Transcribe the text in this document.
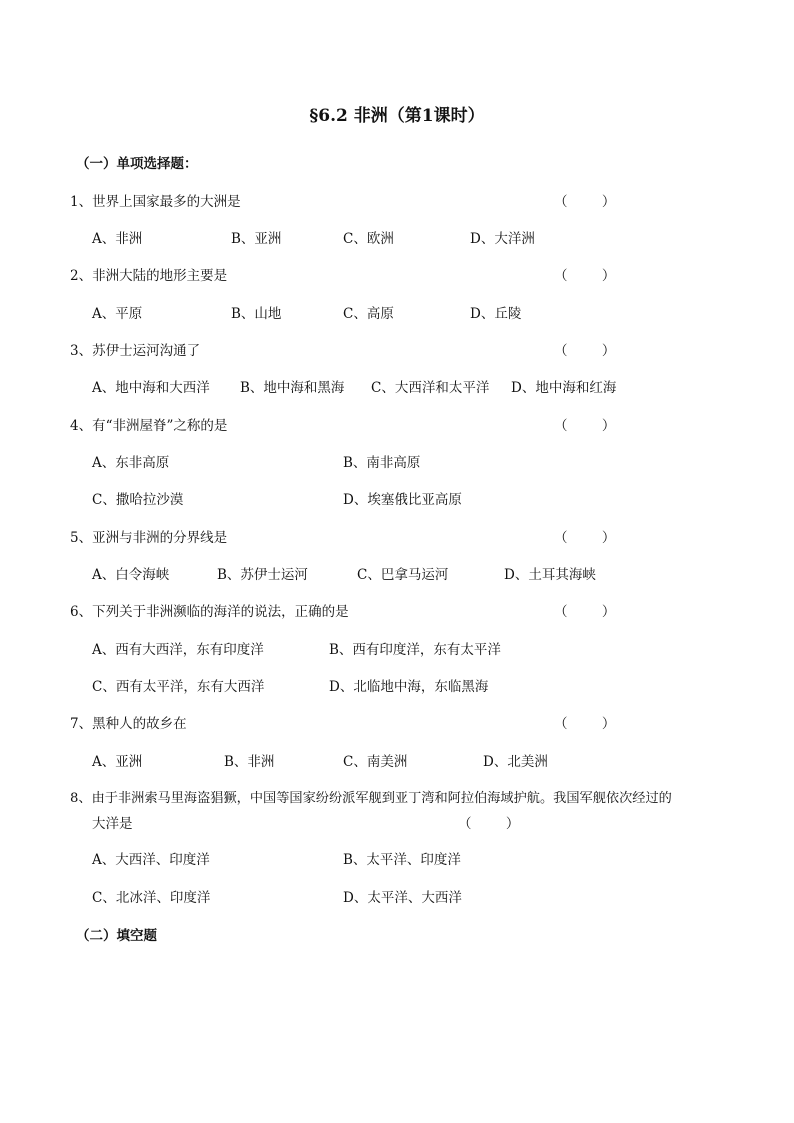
§6.2 非洲（第1课时）
（一）单项选择题：
1、世界上国家最多的大洲是	（        ）
A、非洲	B、亚洲	C、欧洲	D、大洋洲
2、非洲大陆的地形主要是	（        ）
A、平原	B、山地	C、高原	D、丘陵
3、苏伊士运河沟通了	（        ）
A、地中海和大西洋 B、地中海和黑海 C、大西洋和太平洋 D、地中海和红海
4、有“非洲屋脊”之称的是	（        ）
A、东非高原	B、南非高原
C、撒哈拉沙漠	D、埃塞俄比亚高原
5、亚洲与非洲的分界线是	（        ）
A、白令海峡	B、苏伊士运河	C、巴拿马运河	D、土耳其海峡
6、下列关于非洲濒临的海洋的说法，正确的是	（        ）
A、西有大西洋，东有印度洋	B、西有印度洋，东有太平洋
C、西有太平洋，东有大西洋	D、北临地中海，东临黑海
7、黑种人的故乡在	（        ）
A、亚洲	B、非洲	C、南美洲	D、北美洲
8、由于非洲索马里海盗猖獗，中国等国家纷纷派军舰到亚丁湾和阿拉伯海域护航。我国军舰依次经过的
大洋是	（        ）
A、大西洋、印度洋	B、太平洋、印度洋
C、北冰洋、印度洋	D、太平洋、大西洋
（二）填空题
